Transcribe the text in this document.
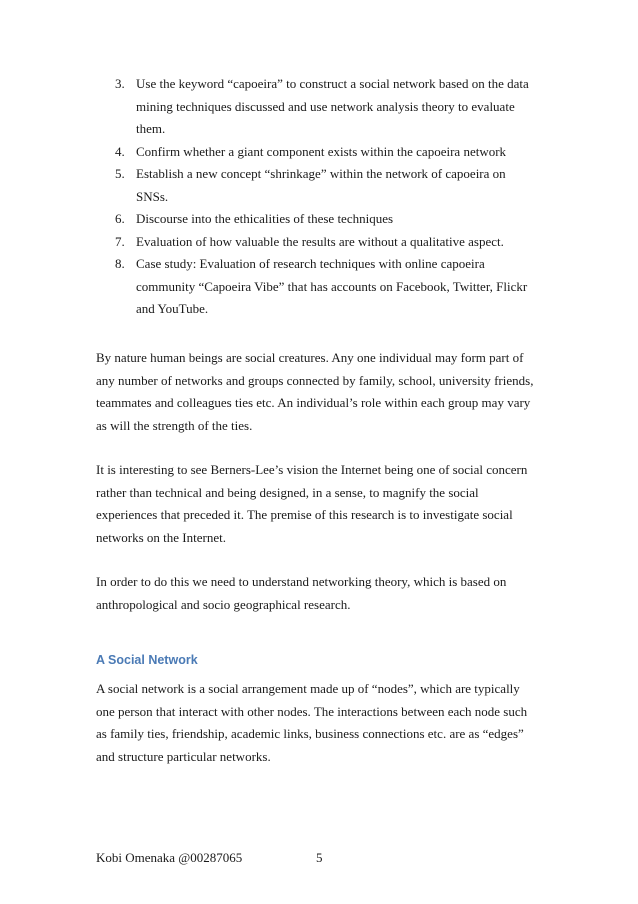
3. Use the keyword “capoeira” to construct a social network based on the data mining techniques discussed and use network analysis theory to evaluate them.
4. Confirm whether a giant component exists within the capoeira network
5. Establish a new concept “shrinkage” within the network of capoeira on SNSs.
6. Discourse into the ethicalities of these techniques
7. Evaluation of how valuable the results are without a qualitative aspect.
8. Case study: Evaluation of research techniques with online capoeira community “Capoeira Vibe” that has accounts on Facebook, Twitter, Flickr and YouTube.

By nature human beings are social creatures. Any one individual may form part of any number of networks and groups connected by family, school, university friends, teammates and colleagues ties etc. An individual’s role within each group may vary as will the strength of the ties.

It is interesting to see Berners-Lee’s vision the Internet being one of social concern rather than technical and being designed, in a sense, to magnify the social experiences that preceded it. The premise of this research is to investigate social networks on the Internet.

In order to do this we need to understand networking theory, which is based on anthropological and socio geographical research.

A Social Network

A social network is a social arrangement made up of “nodes”, which are typically one person that interact with other nodes. The interactions between each node such as family ties, friendship, academic links, business connections etc. are as “edges” and structure particular networks.

Kobi Omenaka @00287065	5
